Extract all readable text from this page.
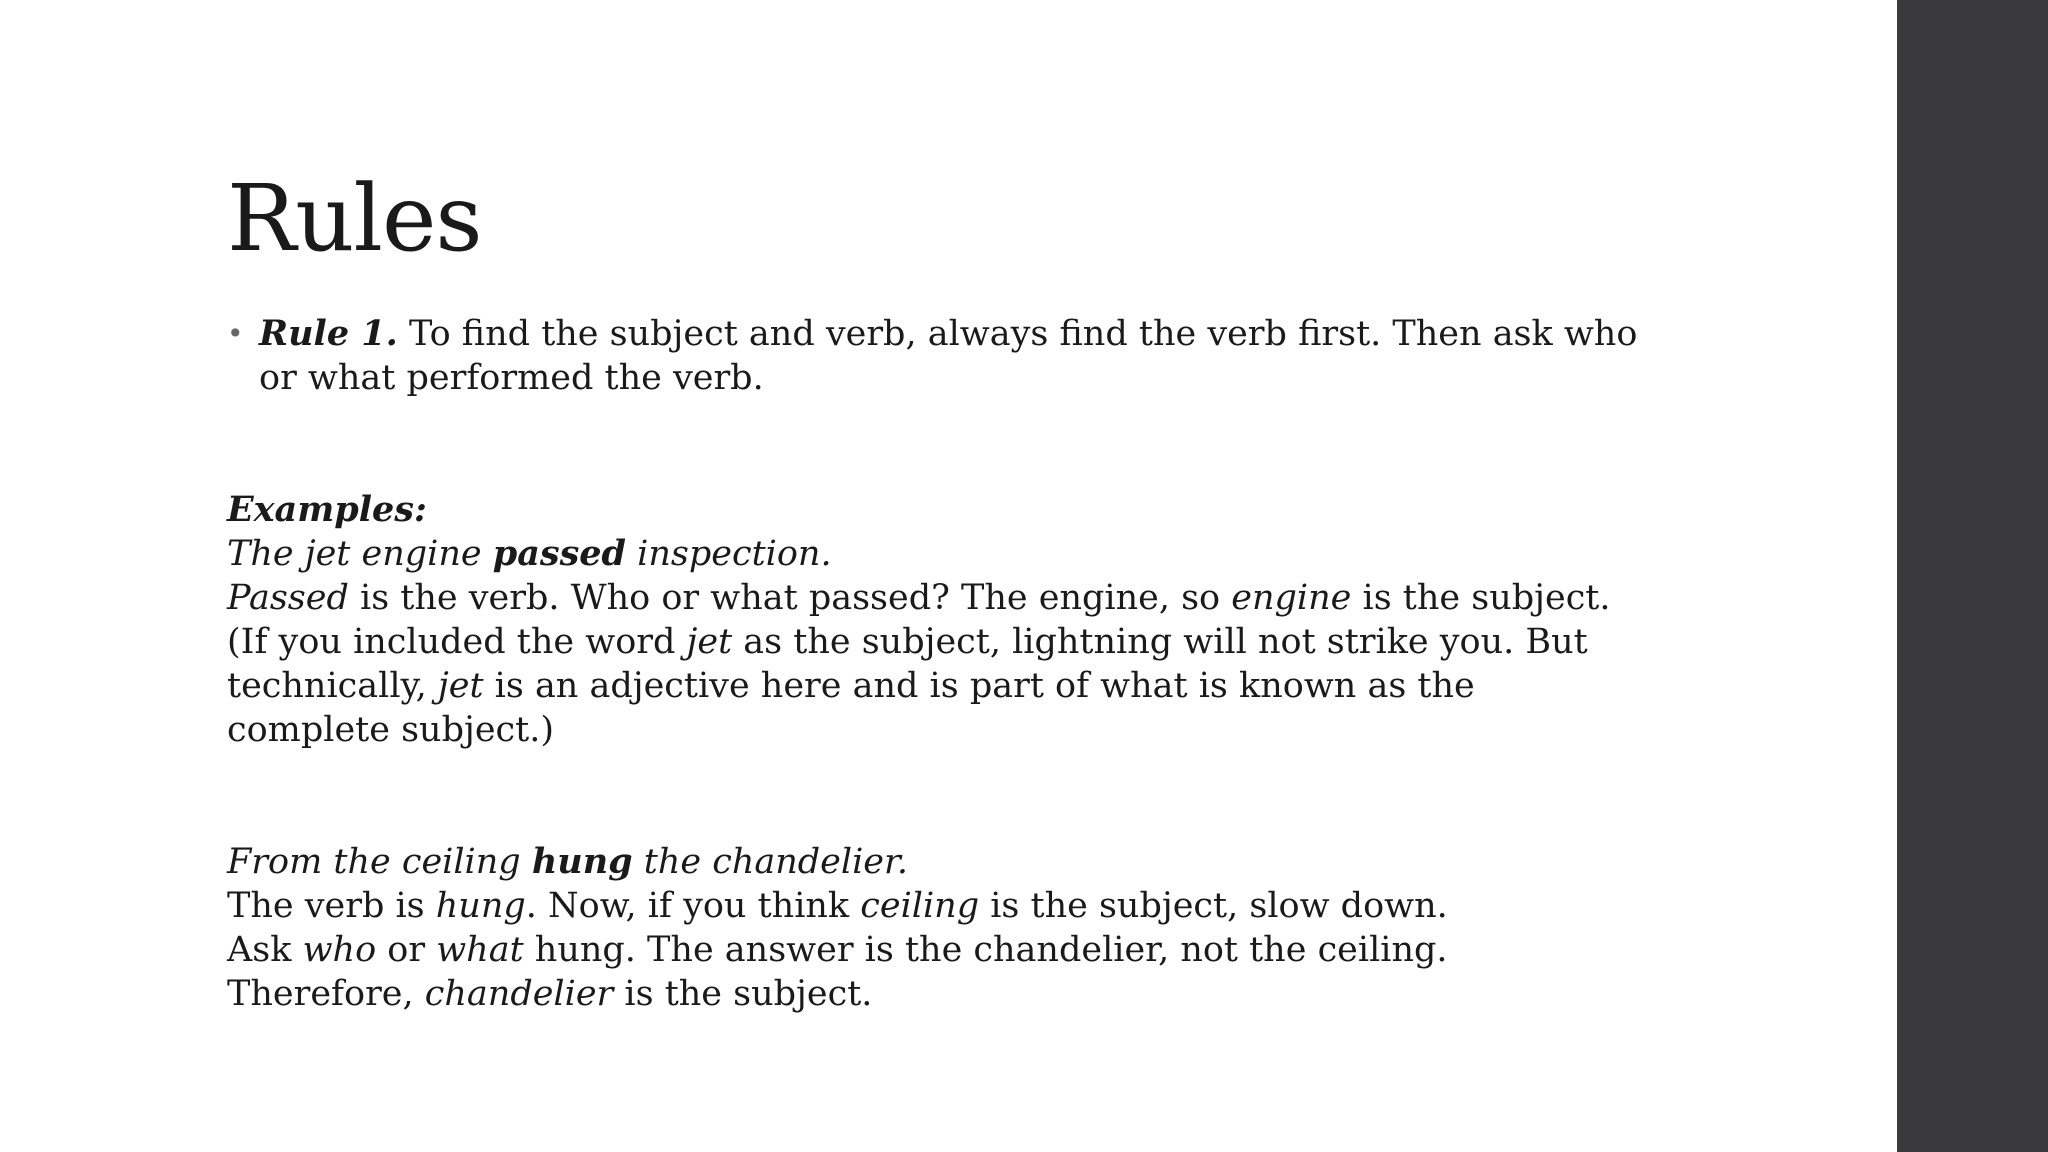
Rules
• Rule 1. To find the subject and verb, always find the verb first. Then ask who
or what performed the verb.
Examples:
The jet engine passed inspection.
Passed is the verb. Who or what passed? The engine, so engine is the subject.
(If you included the word jet as the subject, lightning will not strike you. But
technically, jet is an adjective here and is part of what is known as the
complete subject.)
From the ceiling hung the chandelier.
The verb is hung. Now, if you think ceiling is the subject, slow down.
Ask who or what hung. The answer is the chandelier, not the ceiling.
Therefore, chandelier is the subject.
